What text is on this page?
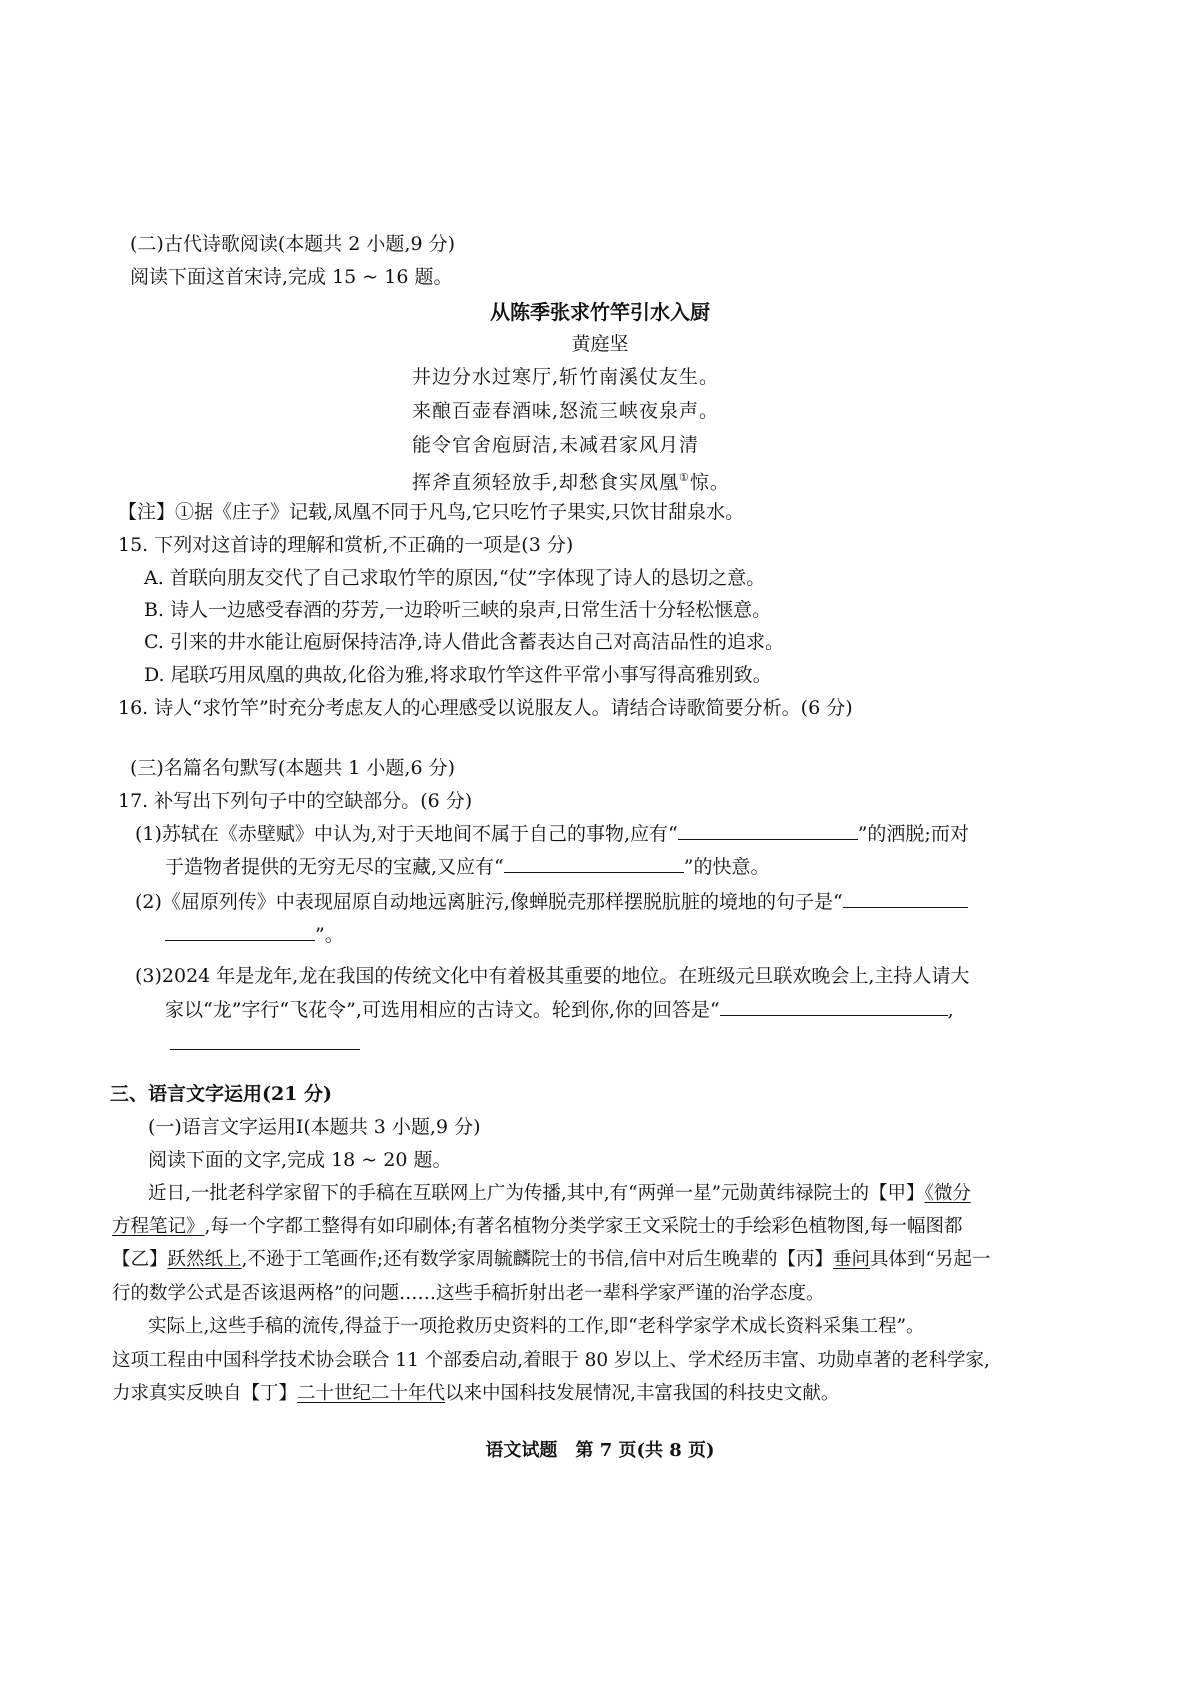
(二)古代诗歌阅读(本题共 2 小题,9 分)
阅读下面这首宋诗,完成 15 ~ 16 题。
从陈季张求竹竿引水入厨
黄庭坚
井边分水过寒厅,斩竹南溪仗友生。
来酿百壶春酒味,怒流三峡夜泉声。
能令官舍庖厨洁,未减君家风月清
挥斧直须轻放手,却愁食实凤凰①惊。
【注】①据《庄子》记载,凤凰不同于凡鸟,它只吃竹子果实,只饮甘甜泉水。
15. 下列对这首诗的理解和赏析,不正确的一项是(3 分)
A. 首联向朋友交代了自己求取竹竿的原因,“仗”字体现了诗人的恳切之意。
B. 诗人一边感受春酒的芬芳,一边聆听三峡的泉声,日常生活十分轻松惬意。
C. 引来的井水能让庖厨保持洁净,诗人借此含蓄表达自己对高洁品性的追求。
D. 尾联巧用凤凰的典故,化俗为雅,将求取竹竿这件平常小事写得高雅别致。
16. 诗人“求竹竿”时充分考虑友人的心理感受以说服友人。请结合诗歌简要分析。(6 分)
(三)名篇名句默写(本题共 1 小题,6 分)
17. 补写出下列句子中的空缺部分。(6 分)
(1)苏轼在《赤壁赋》中认为,对于天地间不属于自己的事物,应有“	”的洒脱;而对
于造物者提供的无穷无尽的宝藏,又应有“	”的快意。
(2)《屈原列传》中表现屈原自动地远离脏污,像蝉脱壳那样摆脱肮脏的境地的句子是“
”。
(3)2024 年是龙年,龙在我国的传统文化中有着极其重要的地位。在班级元旦联欢晚会上,主持人请大
家以“龙”字行“飞花令”,可选用相应的古诗文。轮到你,你的回答是“	,
三、语言文字运用(21 分)
(一)语言文字运用Ⅰ(本题共 3 小题,9 分)
阅读下面的文字,完成 18 ~ 20 题。
近日,一批老科学家留下的手稿在互联网上广为传播,其中,有“两弹一星”元勋黄纬禄院士的【甲】《微分
方程笔记》,每一个字都工整得有如印刷体;有著名植物分类学家王文采院士的手绘彩色植物图,每一幅图都
【乙】跃然纸上,不逊于工笔画作;还有数学家周毓麟院士的书信,信中对后生晚辈的【丙】垂问具体到“另起一
行的数学公式是否该退两格”的问题……这些手稿折射出老一辈科学家严谨的治学态度。
实际上,这些手稿的流传,得益于一项抢救历史资料的工作,即“老科学家学术成长资料采集工程”。
这项工程由中国科学技术协会联合 11 个部委启动,着眼于 80 岁以上、学术经历丰富、功勋卓著的老科学家,
力求真实反映自【丁】二十世纪二十年代以来中国科技发展情况,丰富我国的科技史文献。
语文试题　第 7 页(共 8 页)
